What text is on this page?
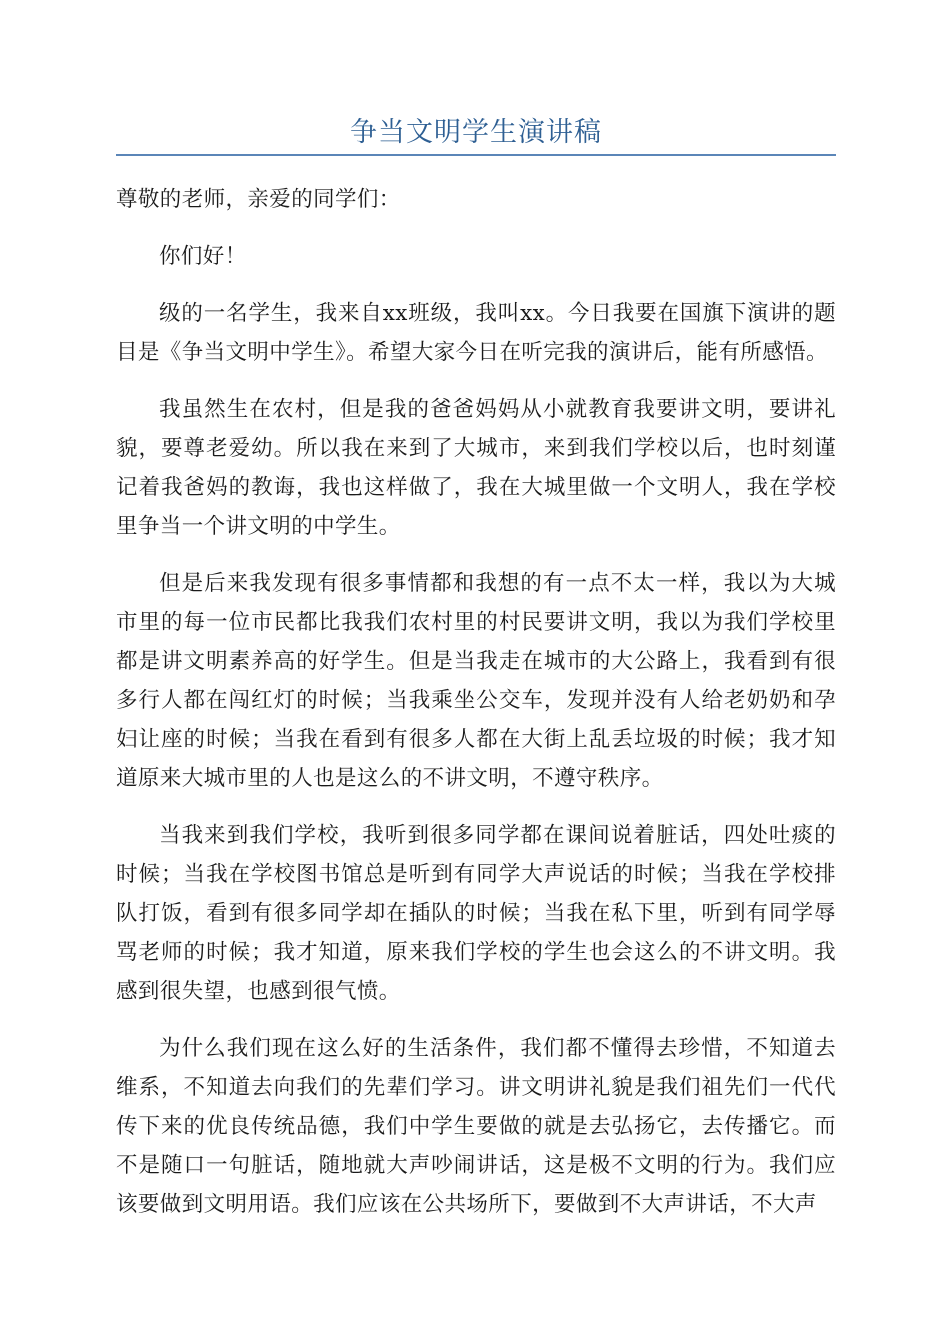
争当文明学生演讲稿

尊敬的老师，亲爱的同学们：

你们好！

级的一名学生，我来自xx班级，我叫xx。今日我要在国旗下演讲的题目是《争当文明中学生》。希望大家今日在听完我的演讲后，能有所感悟。

我虽然生在农村，但是我的爸爸妈妈从小就教育我要讲文明，要讲礼貌，要尊老爱幼。所以我在来到了大城市，来到我们学校以后，也时刻谨记着我爸妈的教诲，我也这样做了，我在大城里做一个文明人，我在学校里争当一个讲文明的中学生。

但是后来我发现有很多事情都和我想的有一点不太一样，我以为大城市里的每一位市民都比我我们农村里的村民要讲文明，我以为我们学校里都是讲文明素养高的好学生。但是当我走在城市的大公路上，我看到有很多行人都在闯红灯的时候；当我乘坐公交车，发现并没有人给老奶奶和孕妇让座的时候；当我在看到有很多人都在大街上乱丢垃圾的时候；我才知道原来大城市里的人也是这么的不讲文明，不遵守秩序。

当我来到我们学校，我听到很多同学都在课间说着脏话，四处吐痰的时候；当我在学校图书馆总是听到有同学大声说话的时候；当我在学校排队打饭，看到有很多同学却在插队的时候；当我在私下里，听到有同学辱骂老师的时候；我才知道，原来我们学校的学生也会这么的不讲文明。我感到很失望，也感到很气愤。

为什么我们现在这么好的生活条件，我们都不懂得去珍惜，不知道去维系，不知道去向我们的先辈们学习。讲文明讲礼貌是我们祖先们一代代传下来的优良传统品德，我们中学生要做的就是去弘扬它，去传播它。而不是随口一句脏话，随地就大声吵闹讲话，这是极不文明的行为。我们应该要做到文明用语。我们应该在公共场所下，要做到不大声讲话，不大声
